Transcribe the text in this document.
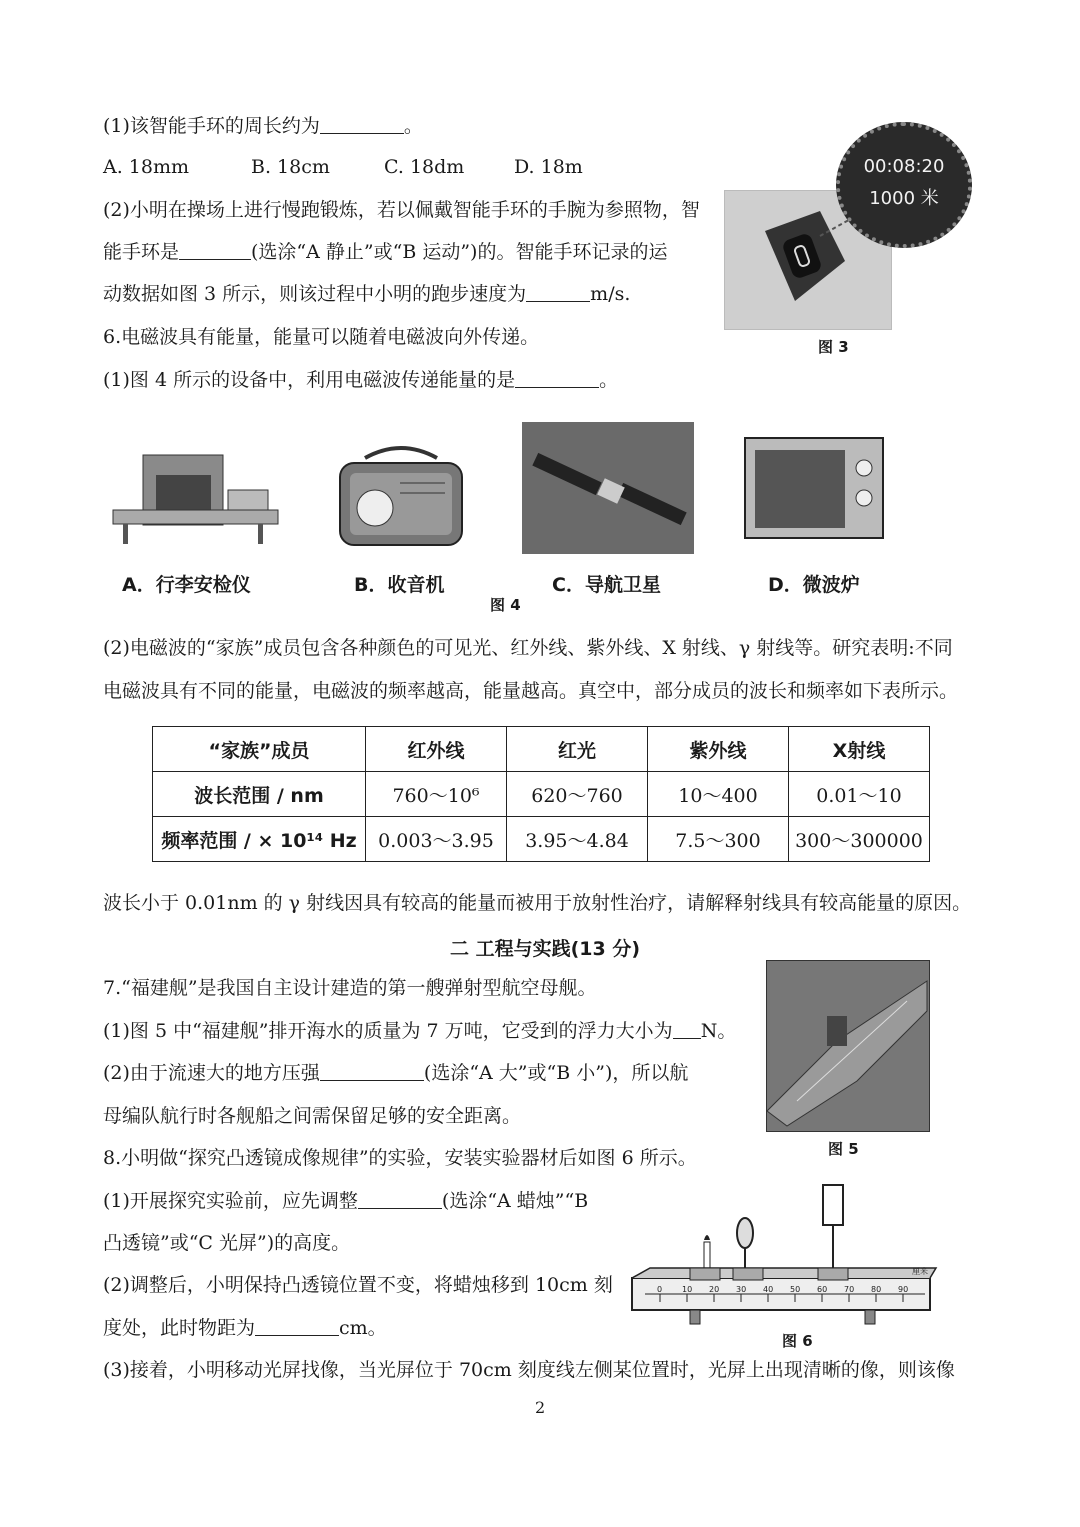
(1)该智能手环的周长约为	。
A. 18mm	B. 18cm	C. 18dm	D. 18m
(2)小明在操场上进行慢跑锻炼，若以佩戴智能手环的手腕为参照物，智
能手环是	(选涂“A 静止”或“B 运动”)的。智能手环记录的运
动数据如图 3 所示，则该过程中小明的跑步速度为	m/s.
00:08:20
1000 米
图 3
6.电磁波具有能量，能量可以随着电磁波向外传递。
(1)图 4 所示的设备中，利用电磁波传递能量的是	。
A．行李安检仪	B．收音机	C．导航卫星	D．微波炉
图 4
(2)电磁波的“家族”成员包含各种颜色的可见光、红外线、紫外线、X 射线、γ 射线等。研究表明:不同
电磁波具有不同的能量，电磁波的频率越高，能量越高。真空中，部分成员的波长和频率如下表所示。
“家族”成员	红外线	红光	紫外线	X射线
波长范围 / nm	760～10⁶	620～760	10～400	0.01～10
频率范围 / × 10¹⁴ Hz	0.003～3.95	3.95～4.84	7.5～300	300～300000
波长小于 0.01nm 的 γ 射线因具有较高的能量而被用于放射性治疗，请解释射线具有较高能量的原因。
二 工程与实践(13 分)
7.“福建舰”是我国自主设计建造的第一艘弹射型航空母舰。
(1)图 5 中“福建舰”排开海水的质量为 7 万吨，它受到的浮力大小为 N。
(2)由于流速大的地方压强	(选涂“A 大”或“B 小”)，所以航
母编队航行时各舰船之间需保留足够的安全距离。
图 5
8.小明做“探究凸透镜成像规律”的实验，安装实验器材后如图 6 所示。
(1)开展探究实验前，应先调整	(选涂“A 蜡烛”“B
凸透镜”或“C 光屏”)的高度。
(2)调整后，小明保持凸透镜位置不变，将蜡烛移到 10cm 刻
度处，此时物距为	cm。
0 10 20 30 40 50 60 70 80 90
厘米
图 6
(3)接着，小明移动光屏找像，当光屏位于 70cm 刻度线左侧某位置时，光屏上出现清晰的像，则该像
2
